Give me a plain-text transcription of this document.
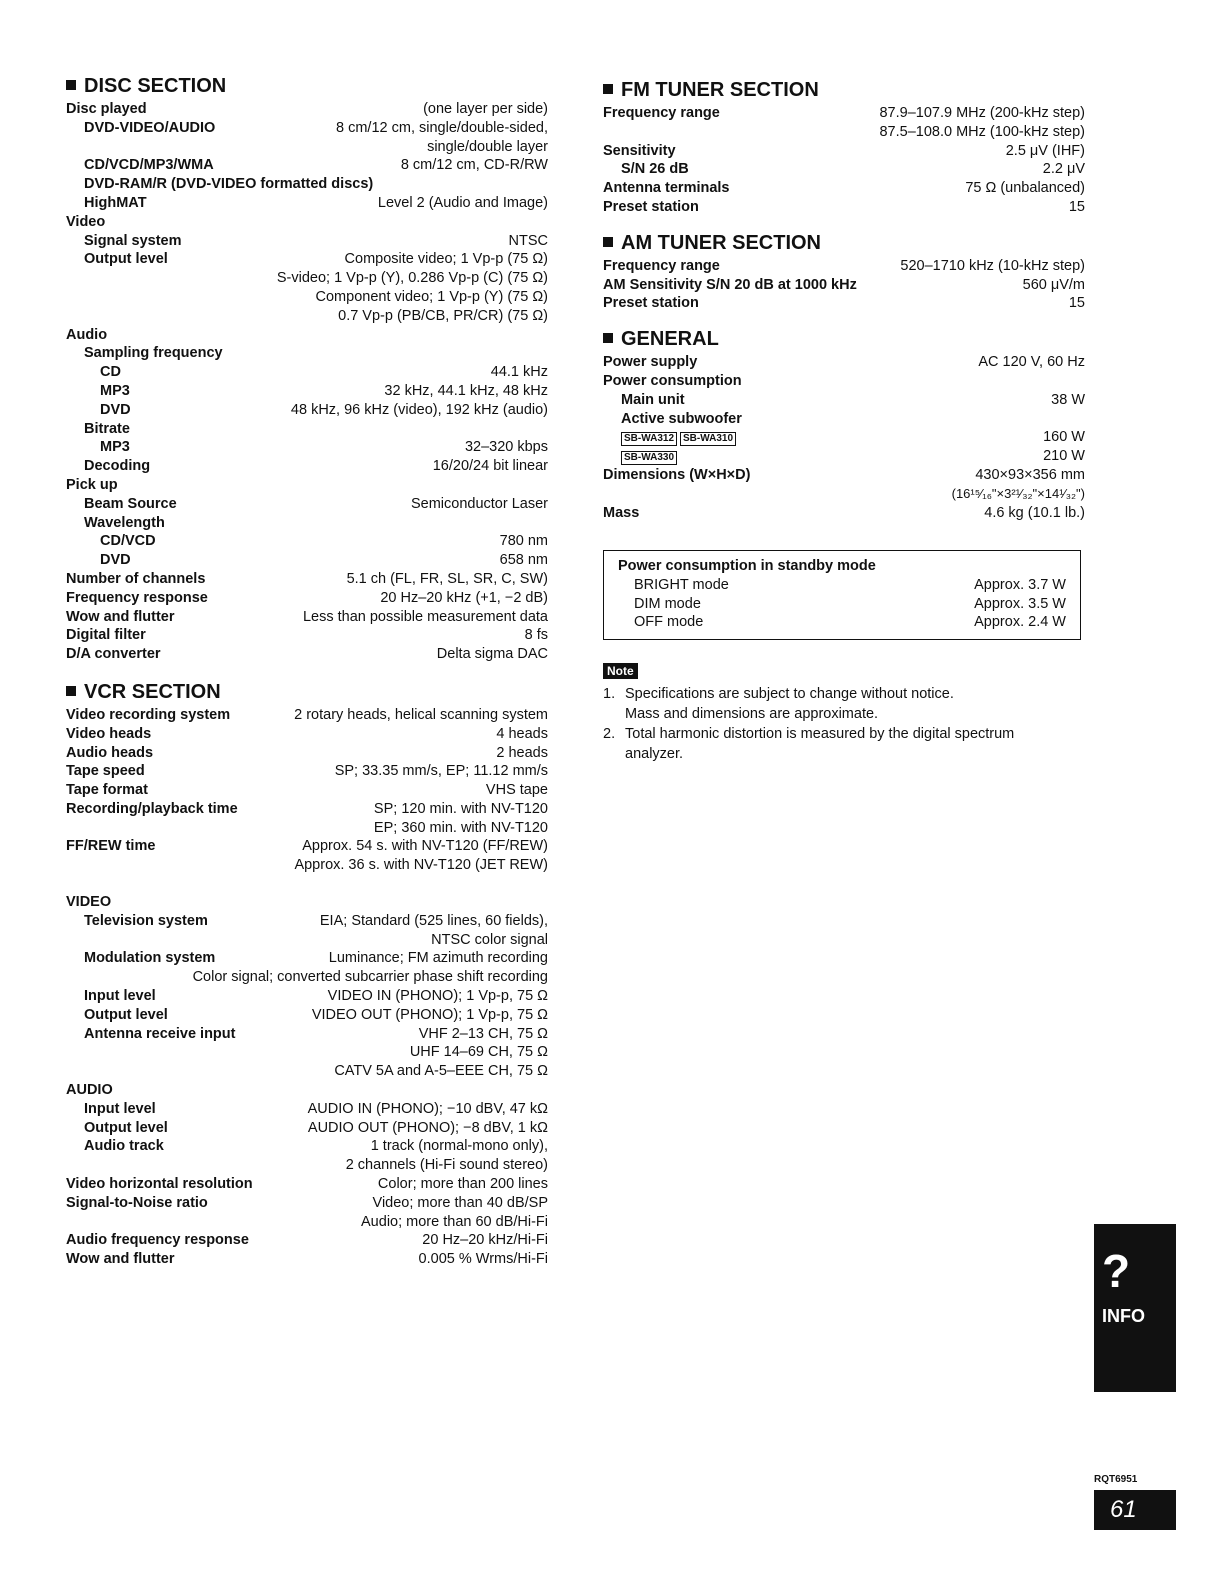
DISC SECTION
Disc played	(one layer per side)
DVD-VIDEO/AUDIO	8 cm/12 cm, single/double-sided,
single/double layer
CD/VCD/MP3/WMA	8 cm/12 cm, CD-R/RW
DVD-RAM/R (DVD-VIDEO formatted discs)
HighMAT	Level 2 (Audio and Image)
Video
Signal system	NTSC
Output level	Composite video; 1 Vp-p (75 Ω)
S-video; 1 Vp-p (Y), 0.286 Vp-p (C) (75 Ω)
Component video; 1 Vp-p (Y) (75 Ω)
0.7 Vp-p (PB/CB, PR/CR) (75 Ω)
Audio
Sampling frequency
CD	44.1 kHz
MP3	32 kHz, 44.1 kHz, 48 kHz
DVD	48 kHz, 96 kHz (video), 192 kHz (audio)
Bitrate
MP3	32–320 kbps
Decoding	16/20/24 bit linear
Pick up
Beam Source	Semiconductor Laser
Wavelength
CD/VCD	780 nm
DVD	658 nm
Number of channels	5.1 ch (FL, FR, SL, SR, C, SW)
Frequency response	20 Hz–20 kHz (+1, −2 dB)
Wow and flutter	Less than possible measurement data
Digital filter	8 fs
D/A converter	Delta sigma DAC
VCR SECTION
Video recording system	2 rotary heads, helical scanning system
Video heads	4 heads
Audio heads	2 heads
Tape speed	SP; 33.35 mm/s, EP; 11.12 mm/s
Tape format	VHS tape
Recording/playback time	SP; 120 min. with NV-T120
EP; 360 min. with NV-T120
FF/REW time	Approx. 54 s. with NV-T120 (FF/REW)
Approx. 36 s. with NV-T120 (JET REW)
VIDEO
Television system	EIA; Standard (525 lines, 60 fields),
NTSC color signal
Modulation system	Luminance; FM azimuth recording
Color signal; converted subcarrier phase shift recording
Input level	VIDEO IN (PHONO); 1 Vp-p, 75 Ω
Output level	VIDEO OUT (PHONO); 1 Vp-p, 75 Ω
Antenna receive input	VHF 2–13 CH, 75 Ω
UHF 14–69 CH, 75 Ω
CATV 5A and A-5–EEE CH, 75 Ω
AUDIO
Input level	AUDIO IN (PHONO); −10 dBV, 47 kΩ
Output level	AUDIO OUT (PHONO); −8 dBV, 1 kΩ
Audio track	1 track (normal-mono only),
2 channels (Hi-Fi sound stereo)
Video horizontal resolution	Color; more than 200 lines
Signal-to-Noise ratio	Video; more than 40 dB/SP
Audio; more than 60 dB/Hi-Fi
Audio frequency response	20 Hz–20 kHz/Hi-Fi
Wow and flutter	0.005 % Wrms/Hi-Fi
FM TUNER SECTION
Frequency range	87.9–107.9 MHz (200-kHz step)
87.5–108.0 MHz (100-kHz step)
Sensitivity	2.5 μV (IHF)
S/N 26 dB	2.2 μV
Antenna terminals	75 Ω (unbalanced)
Preset station	15
AM TUNER SECTION
Frequency range	520–1710 kHz (10-kHz step)
AM Sensitivity S/N 20 dB at 1000 kHz	560 μV/m
Preset station	15
GENERAL
Power supply	AC 120 V, 60 Hz
Power consumption
Main unit	38 W
Active subwoofer
SB-WA312 SB-WA310	160 W
SB-WA330	210 W
Dimensions (W×H×D)	430×93×356 mm
(16¹⁵⁄₁₆"×3²¹⁄₃₂"×14¹⁄₃₂")
Mass	4.6 kg (10.1 lb.)
Power consumption in standby mode
BRIGHT mode	Approx. 3.7 W
DIM mode	Approx. 3.5 W
OFF mode	Approx. 2.4 W
Note
1. Specifications are subject to change without notice.
Mass and dimensions are approximate.
2. Total harmonic distortion is measured by the digital spectrum
analyzer.
?
INFO
RQT6951
61
